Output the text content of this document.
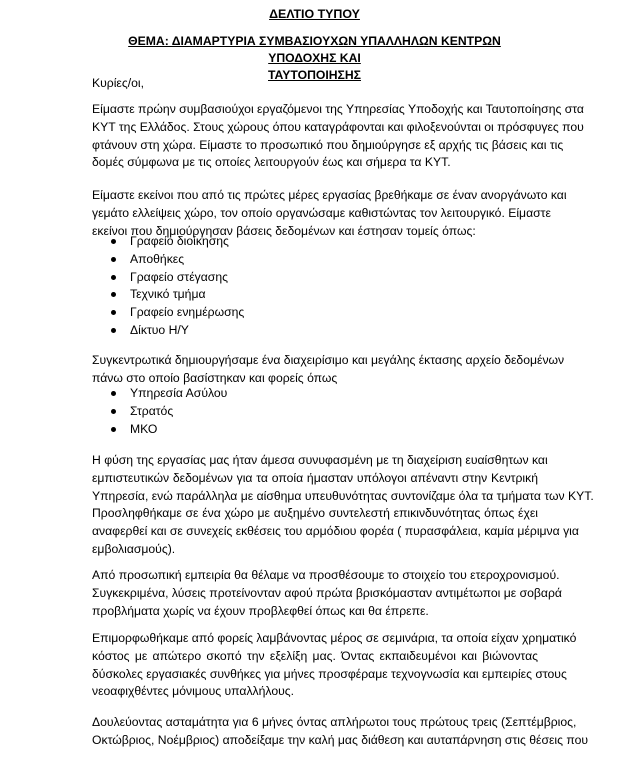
ΔΕΛΤΙΟ ΤΥΠΟΥ
ΘΕΜΑ: ΔΙΑΜΑΡΤΥΡΙΑ ΣΥΜΒΑΣΙΟΥΧΩΝ ΥΠΑΛΛΗΛΩΝ ΚΕΝΤΡΩΝ ΥΠΟΔΟΧΗΣ ΚΑΙ
ΤΑΥΤΟΠΟΙΗΣΗΣ
Κυρίες/οι,
Είμαστε πρώην συμβασιούχοι εργαζόμενοι της Υπηρεσίας Υποδοχής και Ταυτοποίησης στα
ΚΥΤ της Ελλάδος. Στους χώρους όπου καταγράφονται και φιλοξενούνται οι πρόσφυγες που
φτάνουν στη χώρα. Είμαστε το προσωπικό που δημιούργησε εξ αρχής τις βάσεις και τις
δομές σύμφωνα με τις οποίες λειτουργούν έως και σήμερα τα ΚΥΤ.
Είμαστε εκείνοι που από τις πρώτες μέρες εργασίας βρεθήκαμε σε έναν ανοργάνωτο και
γεμάτο ελλείψεις χώρο, τον οποίο οργανώσαμε καθιστώντας τον λειτουργικό. Είμαστε
εκείνοι που δημιούργησαν βάσεις δεδομένων και έστησαν τομείς όπως:
Γραφείο διοίκησης
Αποθήκες
Γραφείο στέγασης
Τεχνικό τμήμα
Γραφείο ενημέρωσης
Δίκτυο Η/Υ
Συγκεντρωτικά δημιουργήσαμε ένα διαχειρίσιμο και μεγάλης έκτασης αρχείο δεδομένων
πάνω στο οποίο βασίστηκαν και φορείς όπως
Υπηρεσία Ασύλου
Στρατός
ΜΚΟ
Η φύση της εργασίας μας ήταν άμεσα συνυφασμένη με τη διαχείριση ευαίσθητων και
εμπιστευτικών δεδομένων για τα οποία ήμασταν υπόλογοι απέναντι στην Κεντρική
Υπηρεσία, ενώ παράλληλα με αίσθημα υπευθυνότητας συντονίζαμε όλα τα τμήματα των ΚΥΤ.
Προσληφθήκαμε σε ένα χώρο με αυξημένο συντελεστή επικινδυνότητας όπως έχει
αναφερθεί και σε συνεχείς εκθέσεις του αρμόδιου φορέα ( πυρασφάλεια, καμία μέριμνα για
εμβολιασμούς).
Από προσωπική εμπειρία θα θέλαμε να προσθέσουμε το στοιχείο του ετεροχρονισμού.
Συγκεκριμένα, λύσεις προτείνονταν αφού πρώτα βρισκόμασταν αντιμέτωποι με σοβαρά
προβλήματα χωρίς να έχουν προβλεφθεί όπως και θα έπρεπε.
Επιμορφωθήκαμε από φορείς λαμβάνοντας μέρος σε σεμινάρια, τα οποία είχαν χρηματικό
κόστος με απώτερο σκοπό την εξελίξη μας. Όντας εκπαιδευμένοι και βιώνοντας
δύσκολες εργασιακές συνθήκες για μήνες προσφέραμε τεχνογνωσία και εμπειρίες στους
νεοαφιχθέντες μόνιμους υπαλλήλους.
Δουλεύοντας ασταμάτητα για 6 μήνες όντας απλήρωτοι τους πρώτους τρεις (Σεπτέμβριος,
Οκτώβριος, Νοέμβριος) αποδείξαμε την καλή μας διάθεση και αυταπάρνηση στις θέσεις που
